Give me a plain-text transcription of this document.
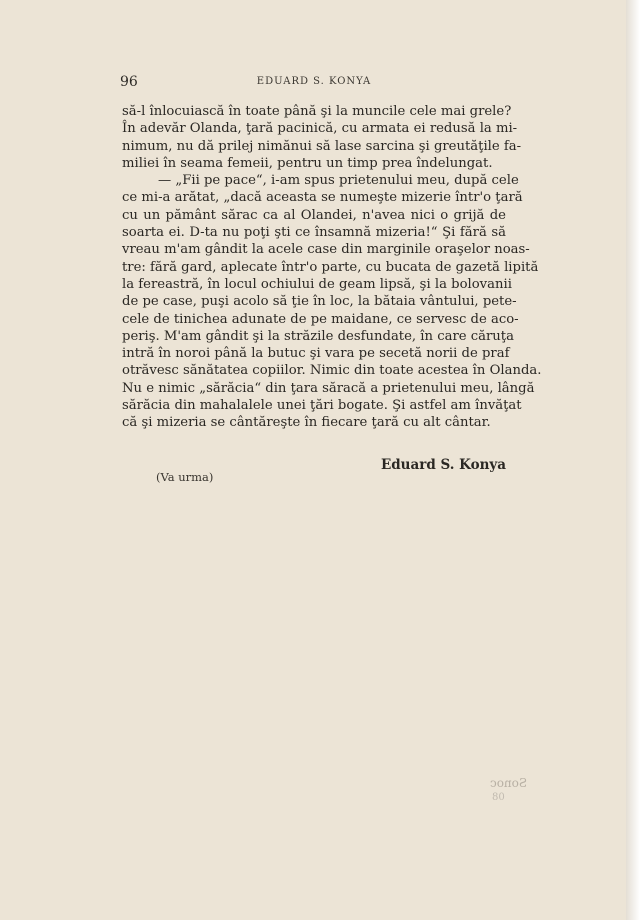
96	EDUARD S. KONYA
să-l înlocuiască în toate până şi la muncile cele mai grele?
În adevăr Olanda, ţară pacinică, cu armata ei redusă la mi-
nimum, nu dă prilej nimănui să lase sarcina şi greutăţile fa-
miliei în seama femeii, pentru un timp prea îndelungat.
— „Fii pe pace“, i-am spus prietenului meu, după cele
ce mi-a arătat, „dacă aceasta se numeşte mizerie într'o ţară
cu un pământ sărac ca al Olandei, n'avea nici o grijă de
soarta ei. D-ta nu poţi şti ce însamnă mizeria!“ Şi fără să
vreau m'am gândit la acele case din marginile oraşelor noas-
tre: fără gard, aplecate într'o parte, cu bucata de gazetă lipită
la fereastră, în locul ochiului de geam lipsă, şi la bolovanii
de pe case, puşi acolo să ţie în loc, la bătaia vântului, pete-
cele de tinichea adunate de pe maidane, ce servesc de aco-
periş. M'am gândit şi la străzile desfundate, în care căruţa
intră în noroi până la butuc şi vara pe secetă norii de praf
otrăvesc sănătatea copiilor. Nimic din toate acestea în Olanda.
Nu e nimic „sărăcia“ din ţara săracă a prietenului meu, lângă
sărăcia din mahalalele unei ţări bogate. Şi astfel am învăţat
că şi mizeria se cântăreşte în fiecare ţară cu alt cântar.
Eduard S. Konya
(Va urma)
Sonoc
08
